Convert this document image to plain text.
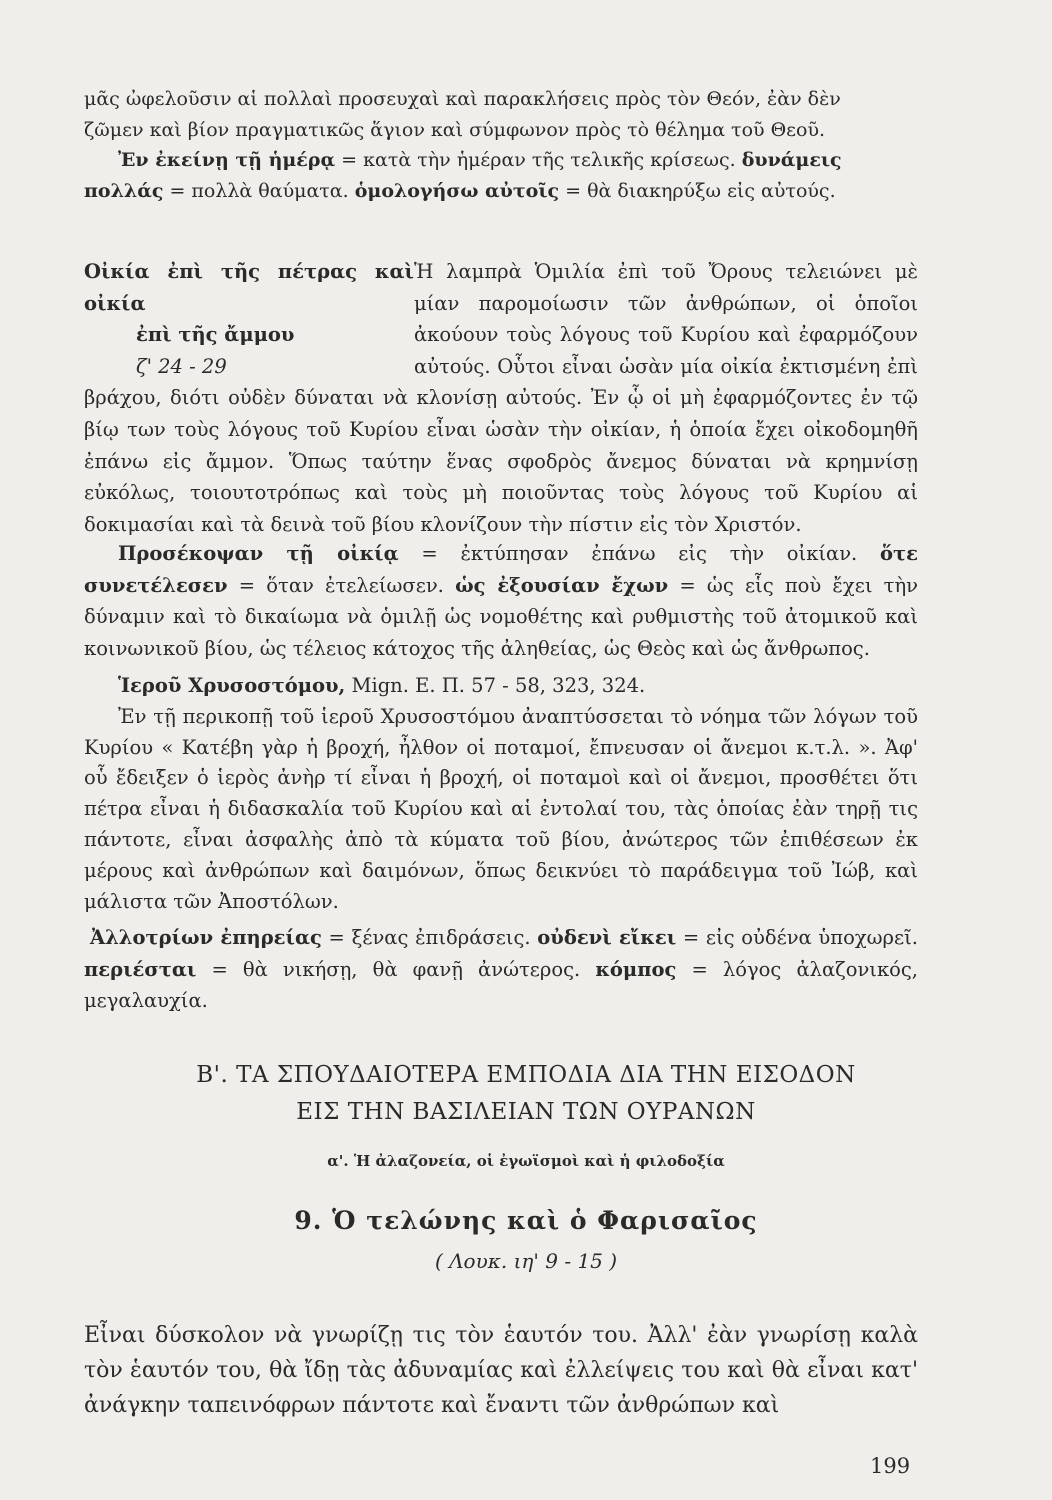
μᾶς ὠφελοῦσιν αἱ πολλαὶ προσευχαὶ καὶ παρακλήσεις πρὸς τὸν Θεόν, ἐὰν δὲν

ζῶμεν καὶ βίον πραγματικῶς ἅγιον καὶ σύμφωνον πρὸς τὸ θέλημα τοῦ Θεοῦ.

Ἐν ἐκείνῃ τῇ ἡμέρᾳ = κατὰ τὴν ἡμέραν τῆς τελικῆς κρίσεως. δυνάμεις πολλάς = πολλὰ θαύματα. ὁμολογήσω αὐτοῖς = θὰ διακηρύξω εἰς αὐτούς.

Οἰκία ἐπὶ τῆς πέτρας καὶ οἰκία

ἐπὶ τῆς ἄμμου

ζ' 24 - 29

Ἡ λαμπρὰ Ὁμιλία ἐπὶ τοῦ Ὄρους τελειώνει μὲ μίαν παρομοίωσιν τῶν ἀνθρώπων, οἱ ὁποῖοι ἀκούουν τοὺς λόγους τοῦ Κυρίου καὶ ἐφαρμόζουν αὐτούς. Οὗτοι εἶναι ὡσὰν μία οἰκία ἐκτισμένη ἐπὶ βράχου, διότι οὐδὲν δύναται νὰ κλονίσῃ αὐτούς. Ἐν ᾧ οἱ μὴ ἐφαρμόζοντες ἐν τῷ βίῳ των τοὺς λόγους τοῦ Κυρίου εἶναι ὡσὰν τὴν οἰκίαν, ἡ ὁποία ἔχει οἰκοδομηθῆ ἐπάνω εἰς ἄμμον. Ὅπως ταύτην ἕνας σφοδρὸς ἄνεμος δύναται νὰ κρημνίσῃ εὐκόλως, τοιουτοτρόπως καὶ τοὺς μὴ ποιοῦντας τοὺς λόγους τοῦ Κυρίου αἱ δοκιμασίαι καὶ τὰ δεινὰ τοῦ βίου κλονίζουν τὴν πίστιν εἰς τὸν Χριστόν.

Προσέκοψαν τῇ οἰκίᾳ = ἐκτύπησαν ἐπάνω εἰς τὴν οἰκίαν. ὅτε συνετέλεσεν = ὅταν ἐτελείωσεν. ὡς ἐξουσίαν ἔχων = ὡς εἷς ποὺ ἔχει τὴν δύναμιν καὶ τὸ δικαίωμα νὰ ὁμιλῇ ὡς νομοθέτης καὶ ρυθμιστὴς τοῦ ἀτομικοῦ καὶ κοινωνικοῦ βίου, ὡς τέλειος κάτοχος τῆς ἀληθείας, ὡς Θεὸς καὶ ὡς ἄνθρωπος.

Ἱεροῦ Χρυσοστόμου, Mign. E. Π. 57 - 58, 323, 324.

Ἐν τῇ περικοπῇ τοῦ ἱεροῦ Χρυσοστόμου ἀναπτύσσεται τὸ νόημα τῶν λόγων τοῦ Κυρίου « Κατέβη γὰρ ἡ βροχή, ἦλθον οἱ ποταμοί, ἔπνευσαν οἱ ἄνεμοι κ.τ.λ. ». Ἀφ' οὗ ἔδειξεν ὁ ἱερὸς ἀνὴρ τί εἶναι ἡ βροχή, οἱ ποταμοὶ καὶ οἱ ἄνεμοι, προσθέτει ὅτι πέτρα εἶναι ἡ διδασκαλία τοῦ Κυρίου καὶ αἱ ἐντολαί του, τὰς ὁποίας ἐὰν τηρῇ τις πάντοτε, εἶναι ἀσφαλὴς ἀπὸ τὰ κύματα τοῦ βίου, ἀνώτερος τῶν ἐπιθέσεων ἐκ μέρους καὶ ἀνθρώπων καὶ δαιμόνων, ὅπως δεικνύει τὸ παράδειγμα τοῦ Ἰώβ, καὶ μάλιστα τῶν Ἀποστόλων.

Ἀλλοτρίων ἐπηρείας = ξένας ἐπιδράσεις. οὐδενὶ εἴκει = εἰς οὐδένα ὑποχωρεῖ. περιέσται = θὰ νικήσῃ, θὰ φανῇ ἀνώτερος. κόμπος = λόγος ἀλαζονικός, μεγαλαυχία.

Β'. ΤΑ ΣΠΟΥΔΑΙΟΤΕΡΑ ΕΜΠΟΔΙΑ ΔΙΑ ΤΗΝ ΕΙΣΟΔΟΝ
ΕΙΣ ΤΗΝ ΒΑΣΙΛΕΙΑΝ ΤΩΝ ΟΥΡΑΝΩΝ
α'. Ἡ ἀλαζονεία, οἱ ἐγωϊσμοὶ καὶ ἡ φιλοδοξία
9. Ὁ τελώνης καὶ ὁ Φαρισαῖος
( Λουκ. ιη' 9 - 15 )

Εἶναι δύσκολον νὰ γνωρίζῃ τις τὸν ἑαυτόν του. Ἀλλ' ἐὰν γνωρίσῃ καλὰ τὸν ἑαυτόν του, θὰ ἴδῃ τὰς ἀδυναμίας καὶ ἐλλείψεις του καὶ θὰ εἶναι κατ' ἀνάγκην ταπεινόφρων πάντοτε καὶ ἔναντι τῶν ἀνθρώπων καὶ

199
